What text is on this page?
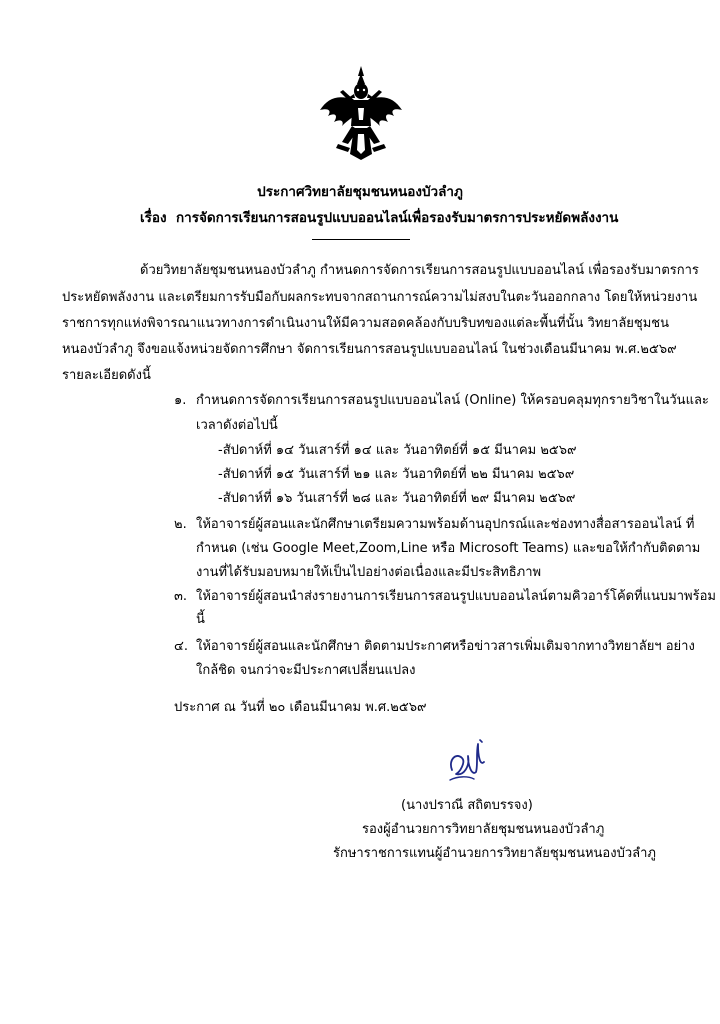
ประกาศวิทยาลัยชุมชนหนองบัวลำภู
เรื่อง การจัดการเรียนการสอนรูปแบบออนไลน์เพื่อรองรับมาตรการประหยัดพลังงาน
ด้วยวิทยาลัยชุมชนหนองบัวลำภู กำหนดการจัดการเรียนการสอนรูปแบบออนไลน์ เพื่อรองรับมาตรการ
ประหยัดพลังงาน และเตรียมการรับมือกับผลกระทบจากสถานการณ์ความไม่สงบในตะวันออกกลาง โดยให้หน่วยงาน
ราชการทุกแห่งพิจารณาแนวทางการดำเนินงานให้มีความสอดคล้องกับบริบทของแต่ละพื้นที่นั้น วิทยาลัยชุมชน
หนองบัวลำภู จึงขอแจ้งหน่วยจัดการศึกษา จัดการเรียนการสอนรูปแบบออนไลน์ ในช่วงเดือนมีนาคม พ.ศ.๒๕๖๙
รายละเอียดดังนี้
๑. กำหนดการจัดการเรียนการสอนรูปแบบออนไลน์ (Online) ให้ครอบคลุมทุกรายวิชาในวันและ
เวลาดังต่อไปนี้
-สัปดาห์ที่ ๑๔ วันเสาร์ที่ ๑๔ และ วันอาทิตย์ที่ ๑๕ มีนาคม ๒๕๖๙
-สัปดาห์ที่ ๑๕ วันเสาร์ที่ ๒๑ และ วันอาทิตย์ที่ ๒๒ มีนาคม ๒๕๖๙
-สัปดาห์ที่ ๑๖ วันเสาร์ที่ ๒๘ และ วันอาทิตย์ที่ ๒๙ มีนาคม ๒๕๖๙
๒. ให้อาจารย์ผู้สอนและนักศึกษาเตรียมความพร้อมด้านอุปกรณ์และช่องทางสื่อสารออนไลน์ ที่
กำหนด (เช่น Google Meet,Zoom,Line หรือ Microsoft Teams) และขอให้กำกับติดตาม
งานที่ได้รับมอบหมายให้เป็นไปอย่างต่อเนื่องและมีประสิทธิภาพ
๓. ให้อาจารย์ผู้สอนนำส่งรายงานการเรียนการสอนรูปแบบออนไลน์ตามคิวอาร์โค้ดที่แนบมาพร้อม
นี้
๔. ให้อาจารย์ผู้สอนและนักศึกษา ติดตามประกาศหรือข่าวสารเพิ่มเติมจากทางวิทยาลัยฯ อย่าง
ใกล้ชิด จนกว่าจะมีประกาศเปลี่ยนแปลง
ประกาศ ณ วันที่ ๒๐ เดือนมีนาคม พ.ศ.๒๕๖๙
(นางปราณี สถิตบรรจง)
รองผู้อำนวยการวิทยาลัยชุมชนหนองบัวลำภู
รักษาราชการแทนผู้อำนวยการวิทยาลัยชุมชนหนองบัวลำภู
